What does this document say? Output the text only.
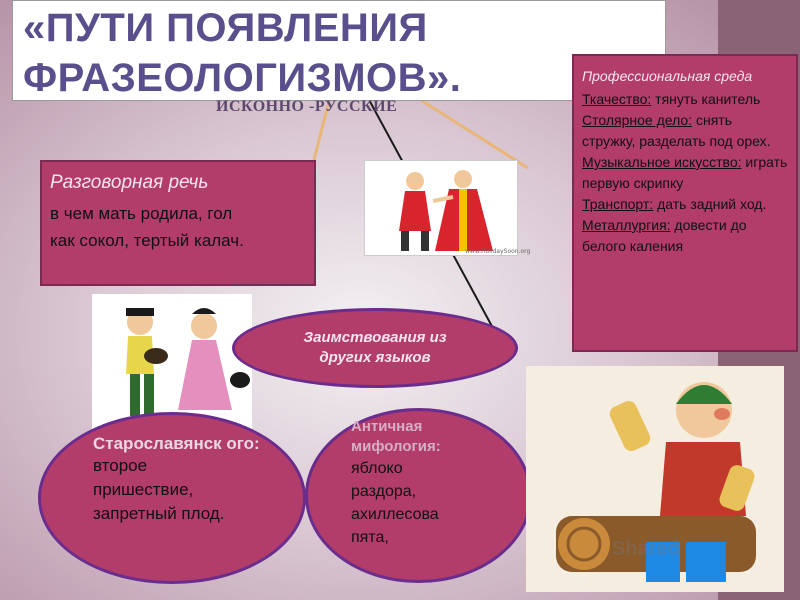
«ПУТИ ПОЯВЛЕНИЯ
ФРАЗЕОЛОГИЗМОВ».
ИСКОННО -РУССКИЕ
www.HolidaySoon.org
Разговорная речь
в чем мать родила, гол
как сокол, тертый калач.
Профессиональная среда

Ткачество: тянуть канитель

Столярное дело: снять стружку, разделать под орех.

Музыкальное искусство: играть первую скрипку

Транспорт: дать задний ход.

Металлургия: довести до белого каления

Заимствования из
других языков
Старославянск ого:
второе
пришествие,
запретный плод.
Античная мифология:
яблоко
раздора,
ахиллесова
пята,
Shared
6
